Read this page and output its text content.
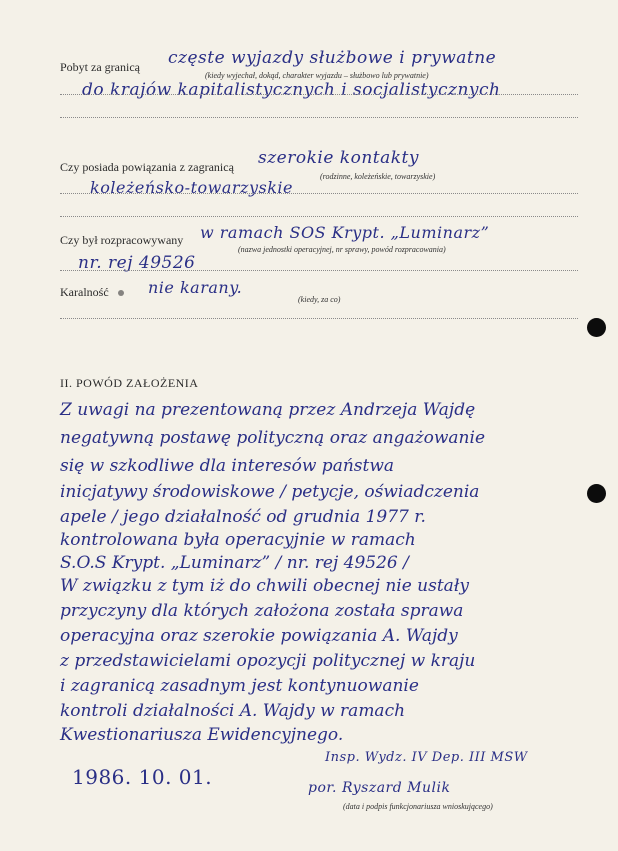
Pobyt za granicą częste wyjazdy służbowe i prywatne
(kiedy wyjechał, dokąd, charakter wyjazdu – służbowo lub prywatnie)
do krajów kapitalistycznych i socjalistycznych
Czy posiada powiązania z zagranicą szerokie kontakty
(rodzinne, koleżeńskie, towarzyskie)
koleżeńsko-towarzyskie
Czy był rozpracowywany w ramach SOS Krypt. „Luminarz”
(nazwa jednostki operacyjnej, nr sprawy, powód rozpracowania)
nr. rej 49526
Karalność nie karany.
(kiedy, za co)
II. POWÓD ZAŁOŻENIA
Z uwagi na prezentowaną przez Andrzeja Wajdę
negatywną postawę polityczną oraz angażowanie
się w szkodliwe dla interesów państwa
inicjatywy środowiskowe / petycje, oświadczenia
apele / jego działalność od grudnia 1977 r.
kontrolowana była operacyjnie w ramach
S.O.S Krypt. „Luminarz” / nr. rej 49526 /
W związku z tym iż do chwili obecnej nie ustały
przyczyny dla których założona została sprawa
operacyjna oraz szerokie powiązania A. Wajdy
z przedstawicielami opozycji politycznej w kraju
i zagranicą zasadnym jest kontynuowanie
kontroli działalności A. Wajdy w ramach
Kwestionariusza Ewidencyjnego.
1986. 10. 01.
Insp. Wydz. IV Dep. III MSW
por. Ryszard Mulik
(data i podpis funkcjonariusza wnioskującego)
